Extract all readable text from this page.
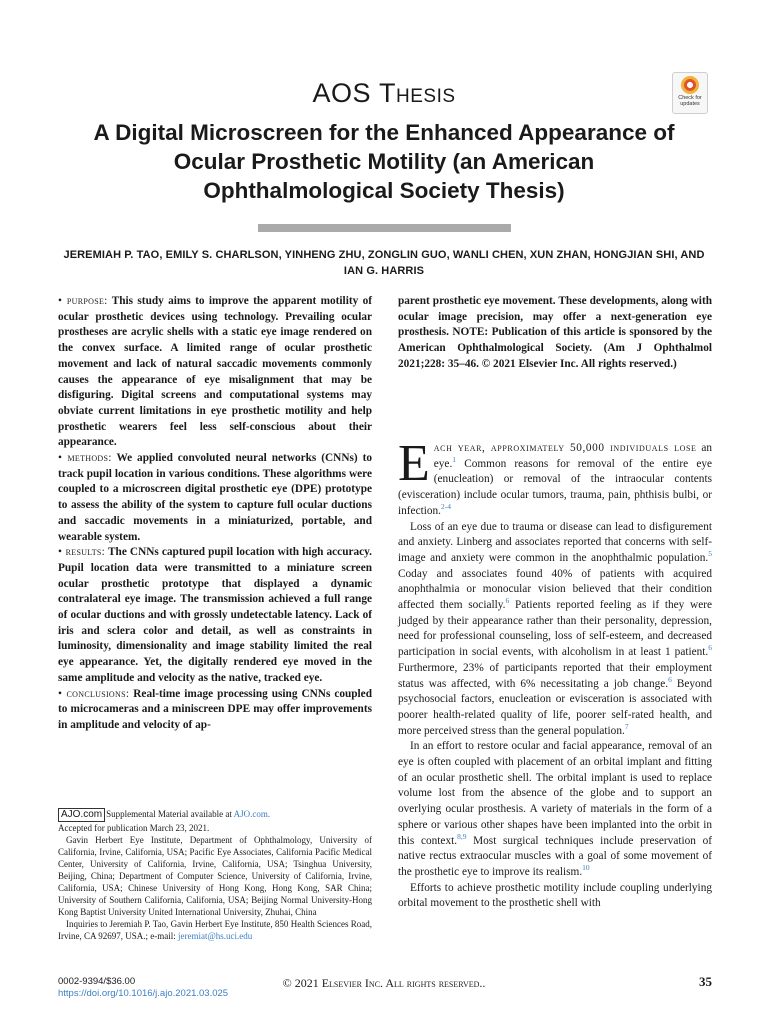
AOS Thesis	Check for
updates
A Digital Microscreen for the Enhanced Appearance of Ocular Prosthetic Motility (an American Ophthalmological Society Thesis)
JEREMIAH P. TAO, EMILY S. CHARLSON, YINHENG ZHU, ZONGLIN GUO, WANLI CHEN, XUN ZHAN, HONGJIAN SHI, AND IAN G. HARRIS

• purpose: This study aims to improve the apparent motility of ocular prosthetic devices using technology. Prevailing ocular prostheses are acrylic shells with a static eye image rendered on the convex surface. A limited range of ocular prosthetic movement and lack of natural saccadic movements commonly causes the appearance of eye misalignment that may be disfiguring. Digital screens and computational systems may obviate current limitations in eye prosthetic motility and help prosthetic wearers feel less self-conscious about their appearance.

• methods: We applied convoluted neural networks (CNNs) to track pupil location in various conditions. These algorithms were coupled to a microscreen digital prosthetic eye (DPE) prototype to assess the ability of the system to capture full ocular ductions and saccadic movements in a miniaturized, portable, and wearable system.

• results: The CNNs captured pupil location with high accuracy. Pupil location data were transmitted to a miniature screen ocular prosthetic prototype that displayed a dynamic contralateral eye image. The transmission achieved a full range of ocular ductions and with grossly undetectable latency. Lack of iris and sclera color and detail, as well as constraints in luminosity, dimensionality and image stability limited the real eye appearance. Yet, the digitally rendered eye moved in the same amplitude and velocity as the native, tracked eye.

• conclusions: Real-time image processing using CNNs coupled to microcameras and a miniscreen DPE may offer improvements in amplitude and velocity of ap-

parent prosthetic eye movement. These developments, along with ocular image precision, may offer a next-generation eye prosthesis. NOTE: Publication of this article is sponsored by the American Ophthalmological Society. (Am J Ophthalmol 2021;228: 35–46. © 2021 Elsevier Inc. All rights reserved.)

Each year, approximately 50,000 individuals lose an eye.$^1$ Common reasons for removal of the entire eye (enucleation) or removal of the intraocular contents (evisceration) include ocular tumors, trauma, pain, phthisis bulbi, or infection.$^{2-4}$

Loss of an eye due to trauma or disease can lead to disfigurement and anxiety. Linberg and associates reported that concerns with self-image and anxiety were common in the anophthalmic population.$^5$ Coday and associates found 40% of patients with acquired anophthalmia or monocular vision believed that their condition affected them socially.$^6$ Patients reported feeling as if they were judged by their appearance rather than their personality, depression, need for professional counseling, loss of self-esteem, and decreased participation in social events, with alcoholism in at least 1 patient.$^6$ Furthermore, 23% of participants reported that their employment status was affected, with 6% necessitating a job change.$^6$ Beyond psychosocial factors, enucleation or evisceration is associated with poorer health-related quality of life, poorer self-rated health, and more perceived stress than the general population.$^7$

In an effort to restore ocular and facial appearance, removal of an eye is often coupled with placement of an orbital implant and fitting of an ocular prosthetic shell. The orbital implant is used to replace volume lost from the absence of the globe and to support an overlying ocular prosthesis. A variety of materials in the form of a sphere or various other shapes have been implanted into the orbit in this context.$^{8,9}$ Most surgical techniques include preservation of native rectus extraocular muscles with a goal of some movement of the prosthetic eye to improve its realism.$^{10}$

Efforts to achieve prosthetic motility include coupling underlying orbital movement to the prosthetic shell with

AJO.com Supplemental Material available at AJO.com.

Accepted for publication March 23, 2021.

Gavin Herbert Eye Institute, Department of Ophthalmology, University of California, Irvine, California, USA; Pacific Eye Associates, California Pacific Medical Center, University of California, Irvine, California, USA; Tsinghua University, Beijing, China; Department of Computer Science, University of California, Irvine, California, USA; Chinese University of Hong Kong, Hong Kong, SAR China; University of Southern California, California, USA; Beijing Normal University-Hong Kong Baptist University United International University, Zhuhai, China

Inquiries to Jeremiah P. Tao, Gavin Herbert Eye Institute, 850 Health Sciences Road, Irvine, CA 92697, USA.; e-mail: jeremiat@hs.uci.edu

0002-9394/$36.00
https://doi.org/10.1016/j.ajo.2021.03.025
© 2021 Elsevier Inc. All rights reserved..	35
